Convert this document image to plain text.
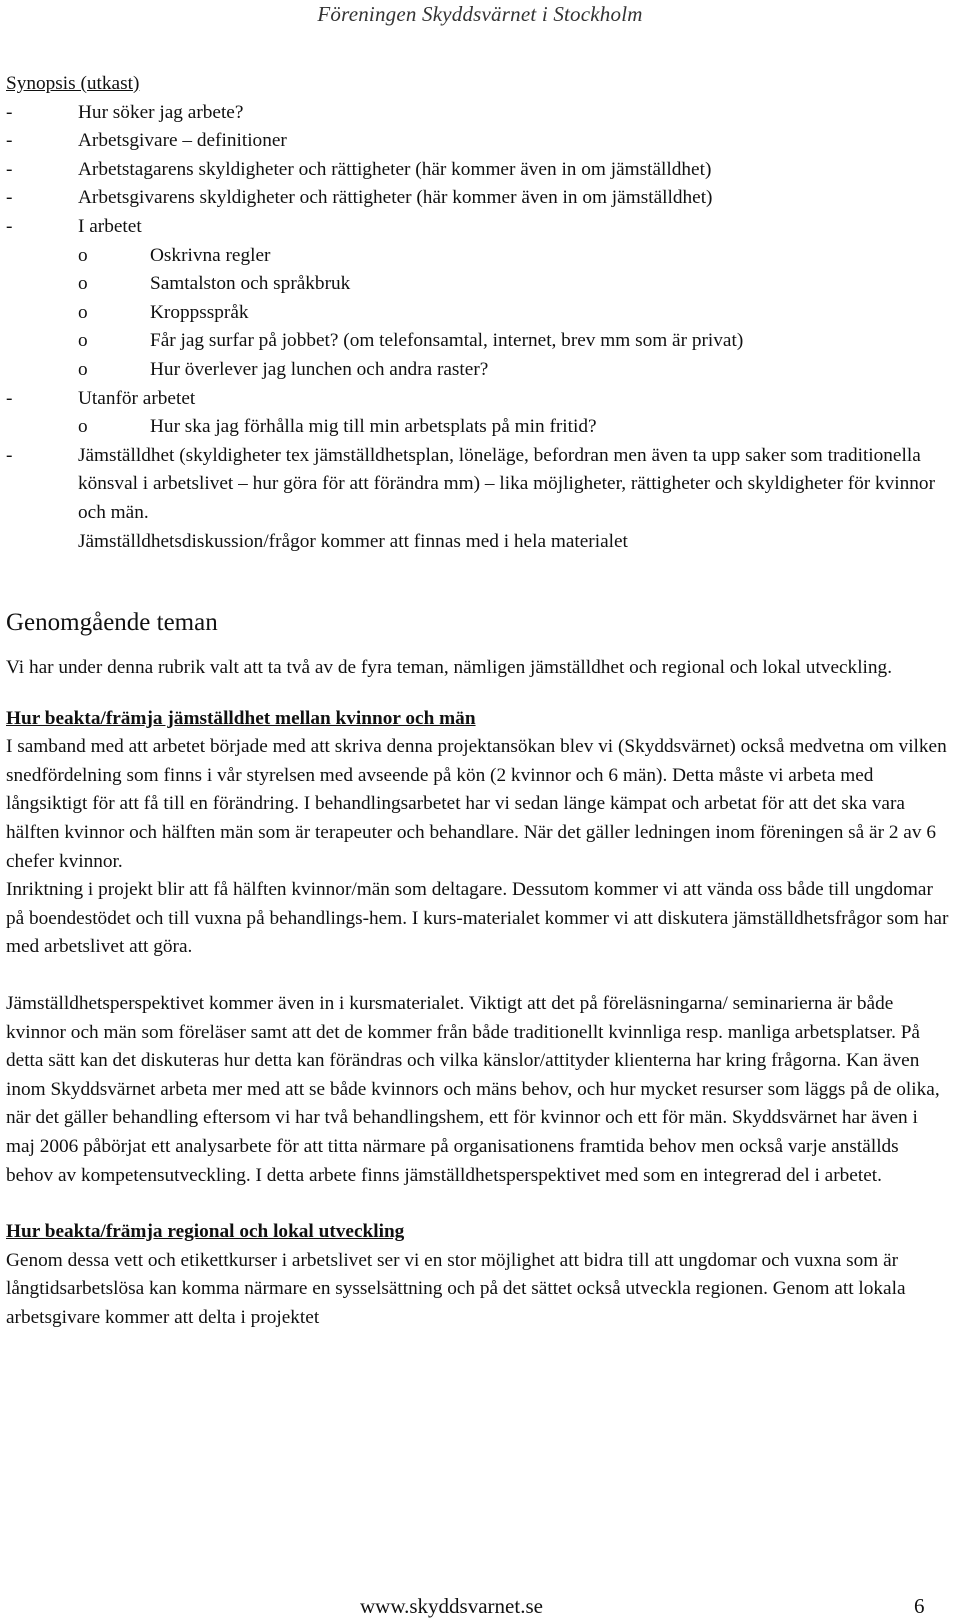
Föreningen Skyddsvärnet i Stockholm

Synopsis (utkast)

-	Hur söker jag arbete?
-	Arbetsgivare – definitioner
-	Arbetstagarens skyldigheter och rättigheter (här kommer även in om jämställdhet)
-	Arbetsgivarens skyldigheter och rättigheter (här kommer även in om jämställdhet)
-	I arbetet
o	Oskrivna regler
o	Samtalston och språkbruk
o	Kroppsspråk
o	Får jag surfar på jobbet? (om telefonsamtal, internet, brev mm som är privat)
o	Hur överlever jag lunchen och andra raster?
-	Utanför arbetet
o	Hur ska jag förhålla mig till min arbetsplats på min fritid?
-	Jämställdhet (skyldigheter tex jämställdhetsplan, löneläge, befordran men även ta upp saker som traditionella könsval i arbetslivet – hur göra för att förändra mm) – lika möjligheter, rättigheter och skyldigheter för kvinnor och män.

Jämställdhetsdiskussion/frågor kommer att finnas med i hela materialet

Genomgående teman

Vi har under denna rubrik valt att ta två av de fyra teman, nämligen jämställdhet och regional och lokal utveckling.

Hur beakta/främja jämställdhet mellan kvinnor och män

I samband med att arbetet började med att skriva denna projektansökan blev vi (Skyddsvärnet) också medvetna om vilken snedfördelning som finns i vår styrelsen med avseende på kön (2 kvinnor och 6 män). Detta måste vi arbeta med långsiktigt för att få till en förändring. I behandlingsarbetet har vi sedan länge kämpat och arbetat för att det ska vara hälften kvinnor och hälften män som är terapeuter och behandlare. När det gäller ledningen inom föreningen så är 2 av 6 chefer kvinnor.

Inriktning i projekt blir att få hälften kvinnor/män som deltagare. Dessutom kommer vi att vända oss både till ungdomar på boendestödet och till vuxna på behandlings-hem. I kurs-materialet kommer vi att diskutera jämställdhetsfrågor som har med arbetslivet att göra.

Jämställdhetsperspektivet kommer även in i kursmaterialet. Viktigt att det på föreläsningarna/ seminarierna är både kvinnor och män som föreläser samt att det de kommer från både traditionellt kvinnliga resp. manliga arbetsplatser. På detta sätt kan det diskuteras hur detta kan förändras och vilka känslor/attityder klienterna har kring frågorna. Kan även inom Skyddsvärnet arbeta mer med att se både kvinnors och mäns behov, och hur mycket resurser som läggs på de olika, när det gäller behandling eftersom vi har två behandlingshem, ett för kvinnor och ett för män. Skyddsvärnet har även i maj 2006 påbörjat ett analysarbete för att titta närmare på organisationens framtida behov men också varje anställds behov av kompetensutveckling. I detta arbete finns jämställdhetsperspektivet med som en integrerad del i arbetet.

Hur beakta/främja regional och lokal utveckling

Genom dessa vett och etikettkurser i arbetslivet ser vi en stor möjlighet att bidra till att ungdomar och vuxna som är långtidsarbetslösa kan komma närmare en sysselsättning och på det sättet också utveckla regionen. Genom att lokala arbetsgivare kommer att delta i projektet

www.skyddsvarnet.se	6
